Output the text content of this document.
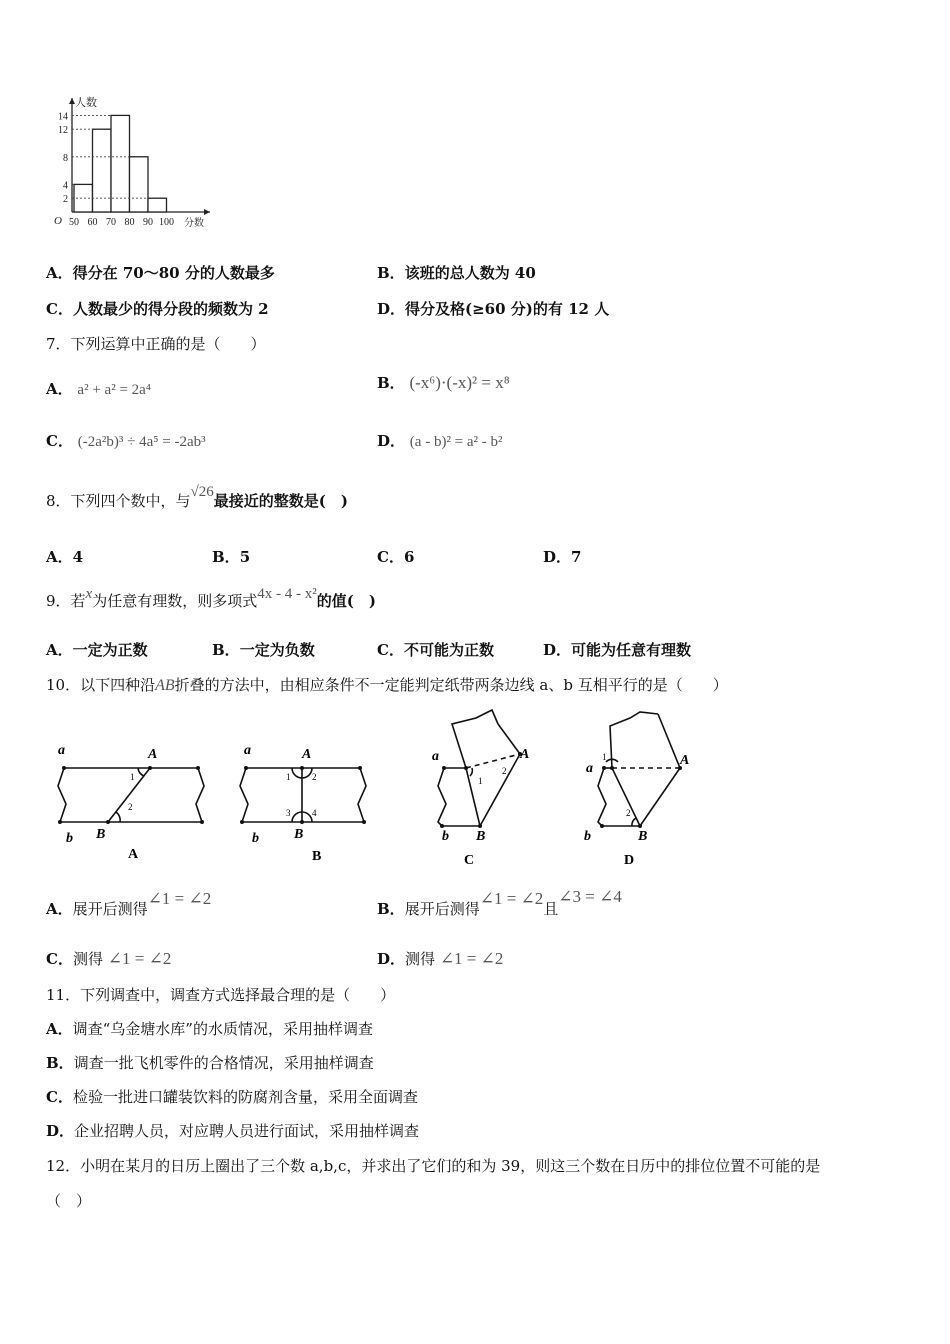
2
4
8
12
14
50 60 70 80 90 100
O
人数
分数
A．得分在 70～80 分的人数最多	B．该班的总人数为 40
C．人数最少的得分段的频数为 2	D．得分及格(≥60 分)的有 12 人
7．下列运算中正确的是（　　）
A． a² + a² = 2a⁴	B． (-x⁶)·(-x)² = x⁸
C． (-2a²b)³ ÷ 4a⁵ = -2ab³	D． (a - b)² = a² - b²
8．下列四个数中，与√26最接近的整数是(　)
A．4	B．5	C．6	D．7
9．若x为任意有理数，则多项式4x - 4 - x²的值(　)
A．一定为正数	B．一定为负数	C．不可能为正数	D．可能为任意有理数
10．以下四种沿AB折叠的方法中，由相应条件不一定能判定纸带两条边线 a、b 互相平行的是（　　）
a
b
A
B
1
2
A
a
b
A
B
1 2
3 4
B
a
b
A
B
1
2
C
a
b
A
B
1
2
D
A．展开后测得∠1 = ∠2
B．展开后测得∠1 = ∠2且∠3 = ∠4
C．测得 ∠1 = ∠2	D．测得 ∠1 = ∠2
11．下列调查中，调查方式选择最合理的是（　　）
A．调查“乌金塘水库”的水质情况，采用抽样调查
B．调查一批飞机零件的合格情况，采用抽样调查
C．检验一批进口罐装饮料的防腐剂含量，采用全面调查
D．企业招聘人员，对应聘人员进行面试，采用抽样调查
12．小明在某月的日历上圈出了三个数 a,b,c，并求出了它们的和为 39，则这三个数在日历中的排位位置不可能的是
（　）
